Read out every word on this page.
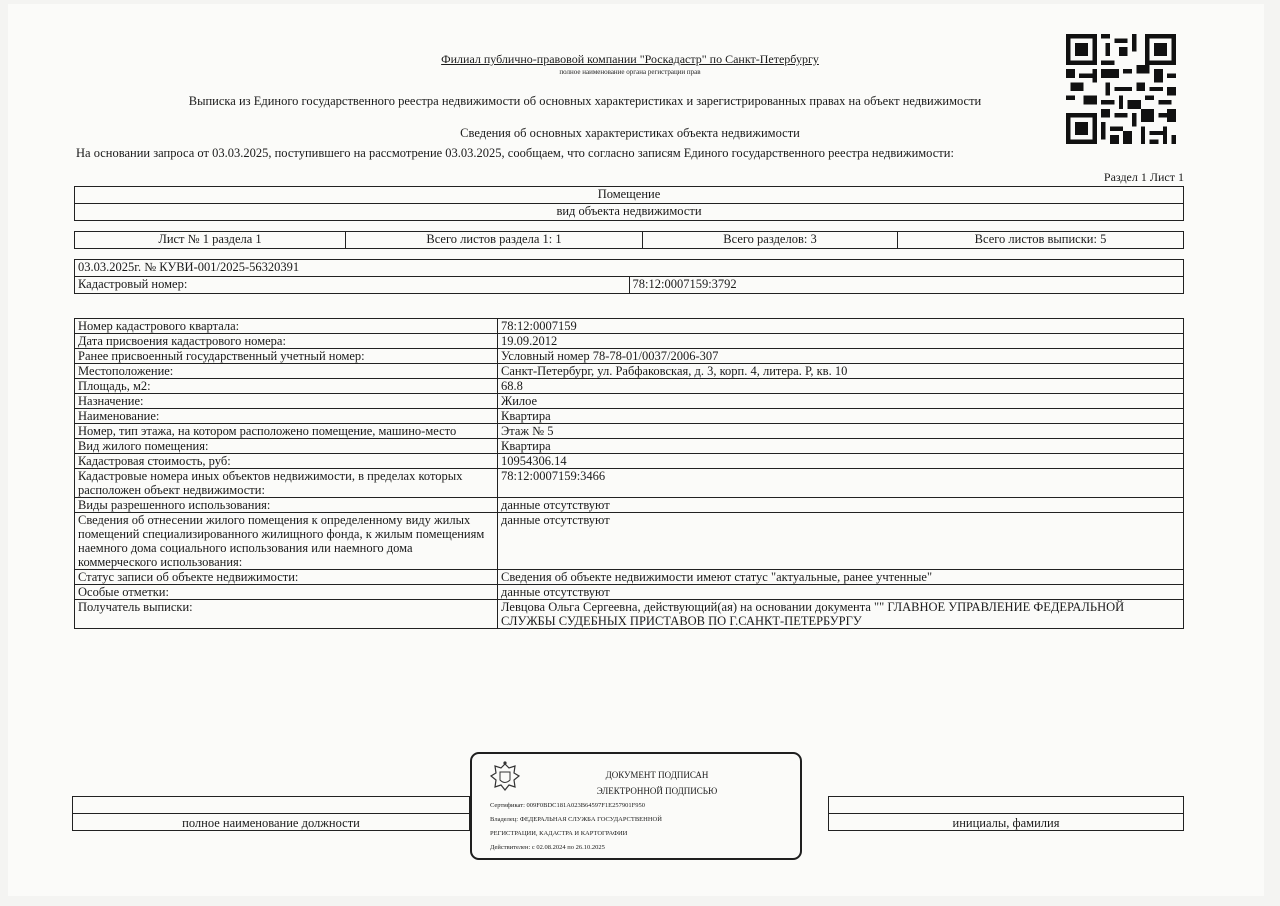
Филиал публично-правовой компании "Роскадастр" по Санкт-Петербургу
полное наименование органа регистрации прав
Выписка из Единого государственного реестра недвижимости об основных характеристиках и зарегистрированных правах на объект недвижимости
Сведения об основных характеристиках объекта недвижимости
На основании запроса от 03.03.2025, поступившего на рассмотрение 03.03.2025, сообщаем, что согласно записям Единого государственного реестра недвижимости:
Раздел 1 Лист 1
Помещение
вид объекта недвижимости
Лист № 1 раздела 1	Всего листов раздела 1: 1	Всего разделов: 3	Всего листов выписки: 5
03.03.2025г. № КУВИ-001/2025-56320391
Кадастровый номер:	78:12:0007159:3792
Номер кадастрового квартала:	78:12:0007159
Дата присвоения кадастрового номера:	19.09.2012
Ранее присвоенный государственный учетный номер:	Условный номер 78-78-01/0037/2006-307
Местоположение:	Санкт-Петербург, ул. Рабфаковская, д. 3, корп. 4, литера. Р, кв. 10
Площадь, м2:	68.8
Назначение:	Жилое
Наименование:	Квартира
Номер, тип этажа, на котором расположено помещение, машино-место	Этаж № 5
Вид жилого помещения:	Квартира
Кадастровая стоимость, руб:	10954306.14
Кадастровые номера иных объектов недвижимости, в пределах которых расположен объект недвижимости:	78:12:0007159:3466
Виды разрешенного использования:	данные отсутствуют
Сведения об отнесении жилого помещения к определенному виду жилых помещений специализированного жилищного фонда, к жилым помещениям наемного дома социального использования или наемного дома коммерческого использования:	данные отсутствуют
Статус записи об объекте недвижимости:	Сведения об объекте недвижимости имеют статус "актуальные, ранее учтенные"
Особые отметки:	данные отсутствуют
Получатель выписки:	Левцова Ольга Сергеевна, действующий(ая) на основании документа "" ГЛАВНОЕ УПРАВЛЕНИЕ ФЕДЕРАЛЬНОЙ СЛУЖБЫ СУДЕБНЫХ ПРИСТАВОВ ПО Г.САНКТ-ПЕТЕРБУРГУ

полное наименование должности		инициалы, фамилия
ДОКУМЕНТ ПОДПИСАН
ЭЛЕКТРОННОЙ ПОДПИСЬЮ
Сертификат: 009F0BDC181A023B64597F1E257901F950
Владелец: ФЕДЕРАЛЬНАЯ СЛУЖБА ГОСУДАРСТВЕННОЙ
РЕГИСТРАЦИИ, КАДАСТРА И КАРТОГРАФИИ
Действителен: с 02.08.2024 по 26.10.2025
